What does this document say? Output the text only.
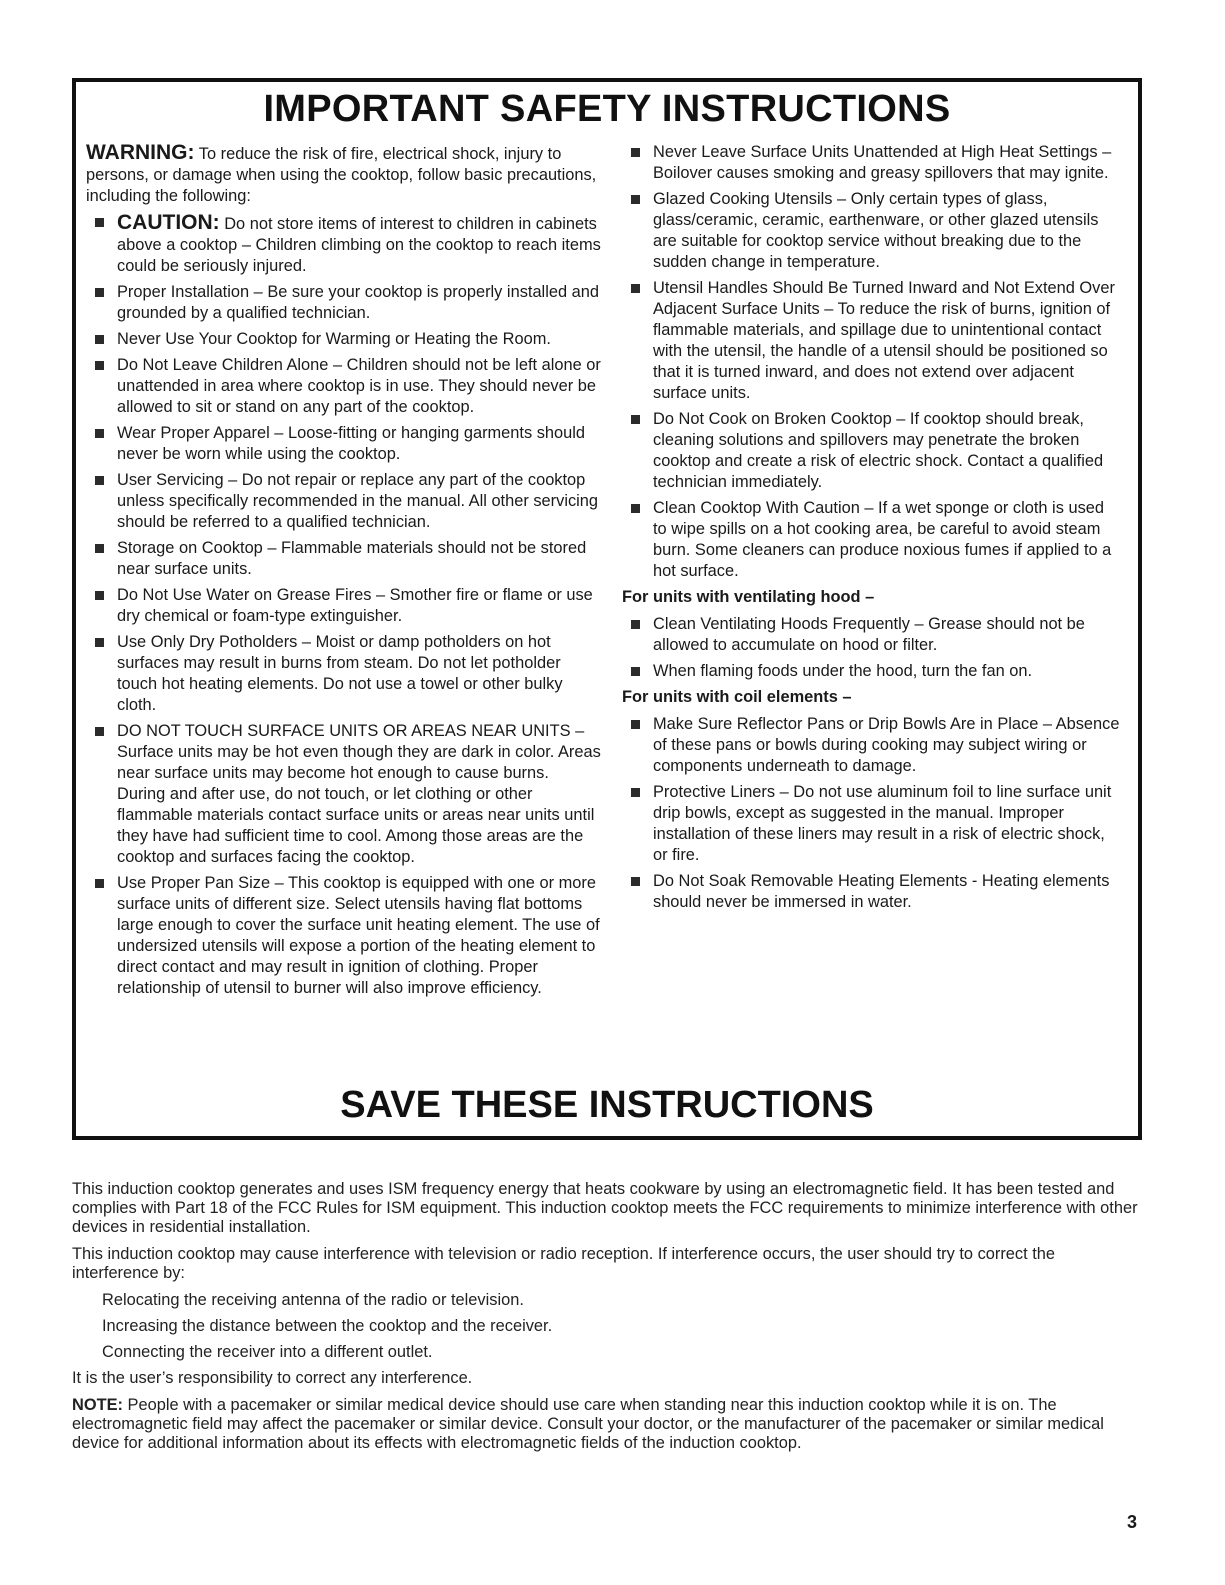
IMPORTANT SAFETY INSTRUCTIONS

WARNING: To reduce the risk of fire, electrical shock, injury to persons, or damage when using the cooktop, follow basic precautions, including the following:

CAUTION: Do not store items of interest to children in cabinets above a cooktop – Children climbing on the cooktop to reach items could be seriously injured.
Proper Installation – Be sure your cooktop is properly installed and grounded by a qualified technician.
Never Use Your Cooktop for Warming or Heating the Room.
Do Not Leave Children Alone – Children should not be left alone or unattended in area where cooktop is in use. They should never be allowed to sit or stand on any part of the cooktop.
Wear Proper Apparel – Loose-fitting or hanging garments should never be worn while using the cooktop.
User Servicing – Do not repair or replace any part of the cooktop unless specifically recommended in the manual. All other servicing should be referred to a qualified technician.
Storage on Cooktop – Flammable materials should not be stored near surface units.
Do Not Use Water on Grease Fires – Smother fire or flame or use dry chemical or foam-type extinguisher.
Use Only Dry Potholders – Moist or damp potholders on hot surfaces may result in burns from steam. Do not let potholder touch hot heating elements. Do not use a towel or other bulky cloth.
DO NOT TOUCH SURFACE UNITS OR AREAS NEAR UNITS – Surface units may be hot even though they are dark in color. Areas near surface units may become hot enough to cause burns. During and after use, do not touch, or let clothing or other flammable materials contact surface units or areas near units until they have had sufficient time to cool. Among those areas are the cooktop and surfaces facing the cooktop.
Use Proper Pan Size – This cooktop is equipped with one or more surface units of different size. Select utensils having flat bottoms large enough to cover the surface unit heating element. The use of undersized utensils will expose a portion of the heating element to direct contact and may result in ignition of clothing. Proper relationship of utensil to burner will also improve efficiency.
Never Leave Surface Units Unattended at High Heat Settings – Boilover causes smoking and greasy spillovers that may ignite.
Glazed Cooking Utensils – Only certain types of glass, glass/ceramic, ceramic, earthenware, or other glazed utensils are suitable for cooktop service without breaking due to the sudden change in temperature.
Utensil Handles Should Be Turned Inward and Not Extend Over Adjacent Surface Units – To reduce the risk of burns, ignition of flammable materials, and spillage due to unintentional contact with the utensil, the handle of a utensil should be positioned so that it is turned inward, and does not extend over adjacent surface units.
Do Not Cook on Broken Cooktop – If cooktop should break, cleaning solutions and spillovers may penetrate the broken cooktop and create a risk of electric shock. Contact a qualified technician immediately.
Clean Cooktop With Caution – If a wet sponge or cloth is used to wipe spills on a hot cooking area, be careful to avoid steam burn. Some cleaners can produce noxious fumes if applied to a hot surface.
For units with ventilating hood –
Clean Ventilating Hoods Frequently – Grease should not be allowed to accumulate on hood or filter.
When flaming foods under the hood, turn the fan on.
For units with coil elements –
Make Sure Reflector Pans or Drip Bowls Are in Place – Absence of these pans or bowls during cooking may subject wiring or components underneath to damage.
Protective Liners – Do not use aluminum foil to line surface unit drip bowls, except as suggested in the manual. Improper installation of these liners may result in a risk of electric shock, or fire.
Do Not Soak Removable Heating Elements - Heating elements should never be immersed in water.
SAVE THESE INSTRUCTIONS

This induction cooktop generates and uses ISM frequency energy that heats cookware by using an electromagnetic field. It has been tested and complies with Part 18 of the FCC Rules for ISM equipment. This induction cooktop meets the FCC requirements to minimize interference with other devices in residential installation.

This induction cooktop may cause interference with television or radio reception. If interference occurs, the user should try to correct the interference by:

Relocating the receiving antenna of the radio or television.

Increasing the distance between the cooktop and the receiver.

Connecting the receiver into a different outlet.

It is the user’s responsibility to correct any interference.

NOTE: People with a pacemaker or similar medical device should use care when standing near this induction cooktop while it is on. The electromagnetic field may affect the pacemaker or similar device. Consult your doctor, or the manufacturer of the pacemaker or similar medical device for additional information about its effects with electromagnetic fields of the induction cooktop.

3
